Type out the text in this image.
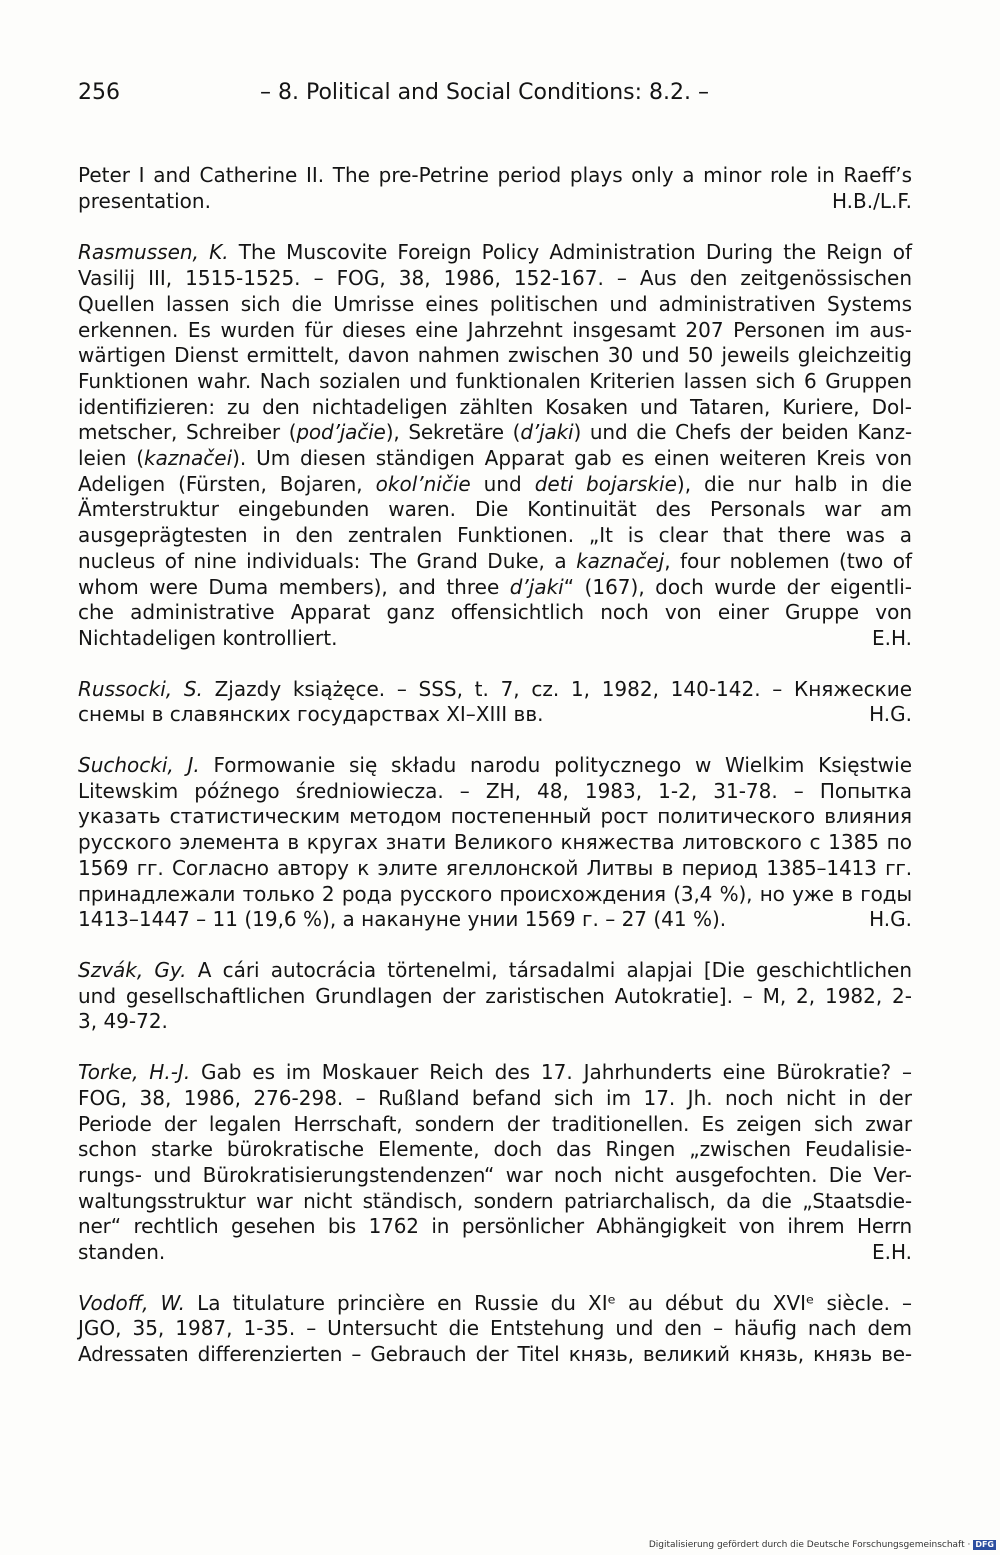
256	– 8. Political and Social Conditions: 8.2. –
Peter I and Catherine II. The pre-Petrine period plays only a minor role in Raeff’s
presentation.	H.B./L.F.
Rasmussen, K. The Muscovite Foreign Policy Administration During the Reign of
Vasilij III, 1515-1525. – FOG, 38, 1986, 152-167. – Aus den zeitgenössischen
Quellen lassen sich die Umrisse eines politischen und administrativen Systems
erkennen. Es wurden für dieses eine Jahrzehnt insgesamt 207 Personen im aus-
wärtigen Dienst ermittelt, davon nahmen zwischen 30 und 50 jeweils gleichzeitig
Funktionen wahr. Nach sozialen und funktionalen Kriterien lassen sich 6 Gruppen
identifizieren: zu den nichtadeligen zählten Kosaken und Tataren, Kuriere, Dol-
metscher, Schreiber (pod’jačie), Sekretäre (d’jaki) und die Chefs der beiden Kanz-
leien (kaznačei). Um diesen ständigen Apparat gab es einen weiteren Kreis von
Adeligen (Fürsten, Bojaren, okol’ničie und deti bojarskie), die nur halb in die
Ämterstruktur eingebunden waren. Die Kontinuität des Personals war am
ausgeprägtesten in den zentralen Funktionen. „It is clear that there was a
nucleus of nine individuals: The Grand Duke, a kaznačej, four noblemen (two of
whom were Duma members), and three d’jaki“ (167), doch wurde der eigentli-
che administrative Apparat ganz offensichtlich noch von einer Gruppe von
Nichtadeligen kontrolliert.	E.H.
Russocki, S. Zjazdy książęce. – SSS, t. 7, cz. 1, 1982, 140-142. – Княжеские
снемы в славянских государствах XI–XIII вв.	H.G.
Suchocki, J. Formowanie się składu narodu politycznego w Wielkim Księstwie
Litewskim późnego średniowiecza. – ZH, 48, 1983, 1-2, 31-78. – Попытка
указать статистическим методом постепенный рост политического влияния
русского элемента в кругах знати Великого княжества литовского с 1385 по
1569 гг. Согласно автору к элите ягеллонской Литвы в период 1385–1413 гг.
принадлежали только 2 рода русского происхождения (3,4 %), но уже в годы
1413–1447 – 11 (19,6 %), а накануне унии 1569 г. – 27 (41 %).	H.G.
Szvák, Gy. A cári autocrácia törtenelmi, társadalmi alapjai [Die geschichtlichen
und gesellschaftlichen Grundlagen der zaristischen Autokratie]. – M, 2, 1982, 2-
3, 49-72.
Torke, H.-J. Gab es im Moskauer Reich des 17. Jahrhunderts eine Bürokratie? –
FOG, 38, 1986, 276-298. – Rußland befand sich im 17. Jh. noch nicht in der
Periode der legalen Herrschaft, sondern der traditionellen. Es zeigen sich zwar
schon starke bürokratische Elemente, doch das Ringen „zwischen Feudalisie-
rungs- und Bürokratisierungstendenzen“ war noch nicht ausgefochten. Die Ver-
waltungsstruktur war nicht ständisch, sondern patriarchalisch, da die „Staatsdie-
ner“ rechtlich gesehen bis 1762 in persönlicher Abhängigkeit von ihrem Herrn
standen.	E.H.
Vodoff, W. La titulature princière en Russie du XIᵉ au début du XVIᵉ siècle. –
JGO, 35, 1987, 1-35. – Untersucht die Entstehung und den – häufig nach dem
Adressaten differenzierten – Gebrauch der Titel князь, великий князь, князь ве-
Digitalisierung gefördert durch die Deutsche Forschungsgemeinschaft · DFG
